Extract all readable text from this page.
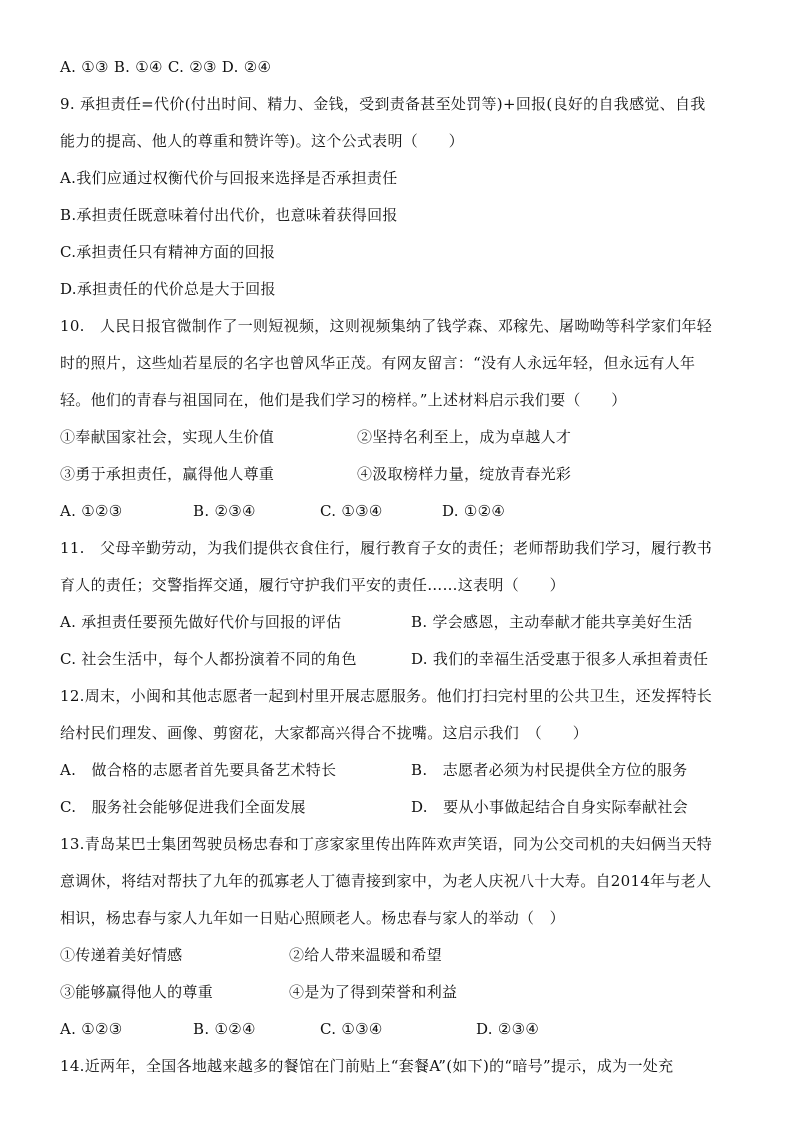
A. ①③ B. ①④ C. ②③ D. ②④
9. 承担责任=代价(付出时间、精力、金钱，受到责备甚至处罚等)+回报(良好的自我感觉、自我
能力的提高、他人的尊重和赞许等)。这个公式表明（　　）
A.我们应通过权衡代价与回报来选择是否承担责任
B.承担责任既意味着付出代价，也意味着获得回报
C.承担责任只有精神方面的回报
D.承担责任的代价总是大于回报
10.　人民日报官微制作了一则短视频，这则视频集纳了钱学森、邓稼先、屠呦呦等科学家们年轻
时的照片，这些灿若星辰的名字也曾风华正茂。有网友留言：“没有人永远年轻，但永远有人年
轻。他们的青春与祖国同在，他们是我们学习的榜样。”上述材料启示我们要（　　）
①奉献国家社会，实现人生价值	②坚持名利至上，成为卓越人才
③勇于承担责任，赢得他人尊重	④汲取榜样力量，绽放青春光彩
A. ①②③	B. ②③④	C. ①③④	D. ①②④
11.　父母辛勤劳动，为我们提供衣食住行，履行教育子女的责任；老师帮助我们学习，履行教书
育人的责任；交警指挥交通，履行守护我们平安的责任……这表明（　　）
A. 承担责任要预先做好代价与回报的评估	B. 学会感恩，主动奉献才能共享美好生活
C. 社会生活中，每个人都扮演着不同的角色	D. 我们的幸福生活受惠于很多人承担着责任
12.周末，小闽和其他志愿者一起到村里开展志愿服务。他们打扫完村里的公共卫生，还发挥特长
给村民们理发、画像、剪窗花，大家都高兴得合不拢嘴。这启示我们　（　　）
A.　做合格的志愿者首先要具备艺术特长	B.　志愿者必须为村民提供全方位的服务
C.　服务社会能够促进我们全面发展	D.　要从小事做起结合自身实际奉献社会
13.青岛某巴士集团驾驶员杨忠春和丁彦家家里传出阵阵欢声笑语，同为公交司机的夫妇俩当天特
意调休，将结对帮扶了九年的孤寡老人丁德青接到家中，为老人庆祝八十大寿。自2014年与老人
相识，杨忠春与家人九年如一日贴心照顾老人。杨忠春与家人的举动（　）
①传递着美好情感	②给人带来温暖和希望
③能够赢得他人的尊重	④是为了得到荣誉和利益
A. ①②③	B. ①②④	C. ①③④	D. ②③④
14.近两年，全国各地越来越多的餐馆在门前贴上“套餐A”(如下)的“暗号”提示，成为一处充
